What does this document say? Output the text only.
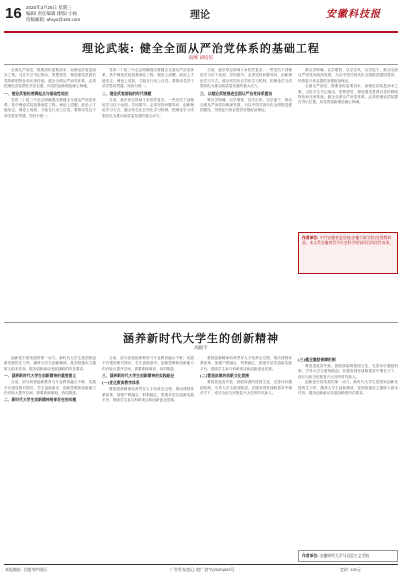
16 2025年3月26日 星期三
编辑/ 责任编辑 排版/ 小杨
投稿邮箱: ahxyx@163.com	理论	安徽科技报
理论武装: 健全全面从严治党体系的基础工程
皖峰 胡培培

全面从严治党，既要治标更要治本，而理论武装是治本之策。习近平总书记指出，思想建党、理论强党是我们党的鲜明特色和光荣传统。健全全面从严治党体系，必须把理论武装摆在突出位置，用党的创新理论凝心铸魂。

一、理论武装的逻辑起点与基础性地位

党的二十届三中全会明确提出要健全全面从严治党体系，其中理论武装是基础性工程。理论上清醒，政治上才能坚定；理论上成熟，才能在行动上自觉。要推动党员干部学思用贯通、知信行统一。

党的二十届三中全会明确提出要健全全面从严治党体系，其中理论武装是基础性工程。理论上清醒，政治上才能坚定；理论上成熟，才能在行动上自觉。要推动党员干部学思用贯通、知信行统一。

二、理论武装面临的时代课题

当前，意识形态领域斗争依然复杂，一些党员干部理论学习浮于表面、学用脱节。必须坚持问题导向，创新理论学习方式，健全常态化长效化学习机制，把理论学习成果转化为推动高质量发展的强大动力。

当前，意识形态领域斗争依然复杂，一些党员干部理论学习浮于表面、学用脱节。必须坚持问题导向，创新理论学习方式，健全常态化长效化学习机制，把理论学习成果转化为推动高质量发展的强大动力。

三、以理论武装推进全面从严治党体系建设

要以学铸魂、以学增智、以学正风、以学促干，推动全面从严治党向纵深发展，为以中国式现代化全面推进强国建设、民族复兴伟业提供坚强政治保证。

要以学铸魂、以学增智、以学正风、以学促干，推动全面从严治党向纵深发展，为以中国式现代化全面推进强国建设、民族复兴伟业提供坚强政治保证。

全面从严治党，既要治标更要治本，而理论武装是治本之策。习近平总书记指出，思想建党、理论强党是我们党的鲜明特色和光荣传统。健全全面从严治党体系，必须把理论武装摆在突出位置，用党的创新理论凝心铸魂。

作者单位: 中共安徽省委党校(安徽行政学院)党建教研部。本文系安徽省哲学社会科学规划项目阶段性成果。
涵养新时代大学生的创新精神
高振宇

创新是引领发展的第一动力。新时代大学生是国家创新发展的生力军，涵养大学生创新精神，是高校落实立德树人根本任务、服务创新驱动发展战略的内在要求。

一、涵养新时代大学生创新精神的重要意义

当前，部分高校创新教育与专业教育融合不够，实践平台建设相对滞后，学生创新意识、创新思维和创新能力仍有较大提升空间，需要系统谋划、协同推进。

二、新时代大学生创新精神培育存在的问题

当前，部分高校创新教育与专业教育融合不够，实践平台建设相对滞后，学生创新意识、创新思维和创新能力仍有较大提升空间，需要系统谋划、协同推进。

三、涵养新时代大学生创新精神的实践路径
(一)优化教育教学体系

要把创新精神培养贯穿人才培养全过程，推动课程体系改革，加强产教融合、科教融汇，搭建多层次创新实践平台，鼓励学生参与科研项目和创新创业竞赛。

要把创新精神培养贯穿人才培养全过程，推动课程体系改革，加强产教融合、科教融汇，搭建多层次创新实践平台，鼓励学生参与科研项目和创新创业竞赛。

(二)营造浓厚的创新文化氛围

要营造宽容失败、鼓励探索的校园文化，完善评价激励机制，引导大学生敢闯敢创，在服务国家战略需求中增长才干，成长为担当民族复兴大任的时代新人。

(三)健全激励保障机制

要营造宽容失败、鼓励探索的校园文化，完善评价激励机制，引导大学生敢闯敢创，在服务国家战略需求中增长才干，成长为担当民族复兴大任的时代新人。

创新是引领发展的第一动力。新时代大学生是国家创新发展的生力军，涵养大学生创新精神，是高校落实立德树人根本任务、服务创新驱动发展战略的内在要求。

作者单位: 安徽财经大学马克思主义学院
本报地址: 合肥市庐阳区	广告发布登记: 皖广登字(2020)003号	定价: 120元
